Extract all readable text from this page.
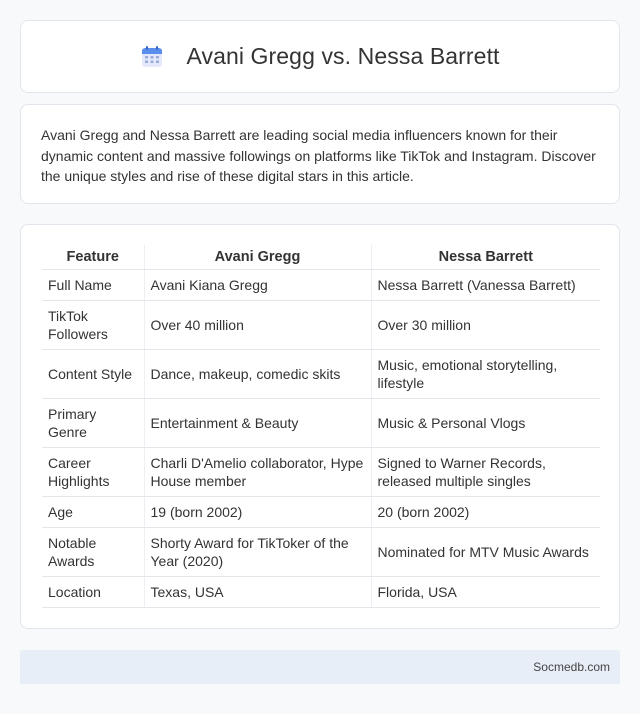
Avani Gregg vs. Nessa Barrett

Avani Gregg and Nessa Barrett are leading social media influencers known for their dynamic content and massive followings on platforms like TikTok and Instagram. Discover the unique styles and rise of these digital stars in this article.

Feature	Avani Gregg	Nessa Barrett
Full Name	Avani Kiana Gregg	Nessa Barrett (Vanessa Barrett)
TikTok Followers	Over 40 million	Over 30 million
Content Style	Dance, makeup, comedic skits	Music, emotional storytelling, lifestyle
Primary Genre	Entertainment & Beauty	Music & Personal Vlogs
Career Highlights	Charli D'Amelio collaborator, Hype House member	Signed to Warner Records, released multiple singles
Age	19 (born 2002)	20 (born 2002)
Notable Awards	Shorty Award for TikToker of the Year (2020)	Nominated for MTV Music Awards
Location	Texas, USA	Florida, USA
Socmedb.com
